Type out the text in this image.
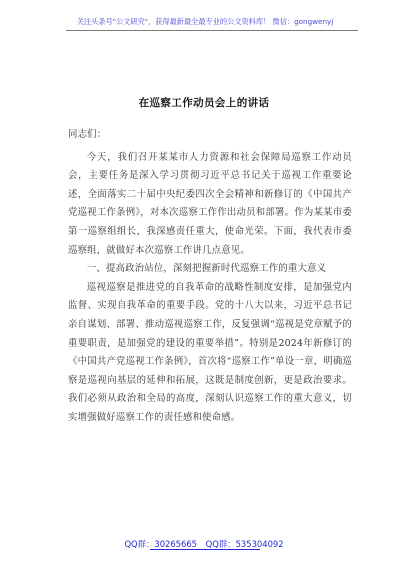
关注头条号"公文研究"，获得最新最全最专业的公文资料库！ 微信：gongwenyj
在巡察工作动员会上的讲话

同志们：

今天，我们召开某某市人力资源和社会保障局巡察工作动员会，主要任务是深入学习贯彻习近平总书记关于巡视工作重要论述，全面落实二十届中央纪委四次全会精神和新修订的《中国共产党巡视工作条例》，对本次巡察工作作出动员和部署。作为某某市委第一巡察组组长，我深感责任重大，使命光荣。下面，我代表市委巡察组，就做好本次巡察工作讲几点意见。

一、提高政治站位，深刻把握新时代巡察工作的重大意义

巡视巡察是推进党的自我革命的战略性制度安排，是加强党内监督、实现自我革命的重要手段。党的十八大以来，习近平总书记亲自谋划、部署、推动巡视巡察工作，反复强调“巡视是党章赋予的重要职责，是加强党的建设的重要举措”。特别是2024年新修订的《中国共产党巡视工作条例》，首次将“巡察工作”单设一章，明确巡察是巡视向基层的延伸和拓展，这既是制度创新，更是政治要求。我们必须从政治和全局的高度，深刻认识巡察工作的重大意义，切实增强做好巡察工作的责任感和使命感。

QQ群：30265665 QQ群：535304092
